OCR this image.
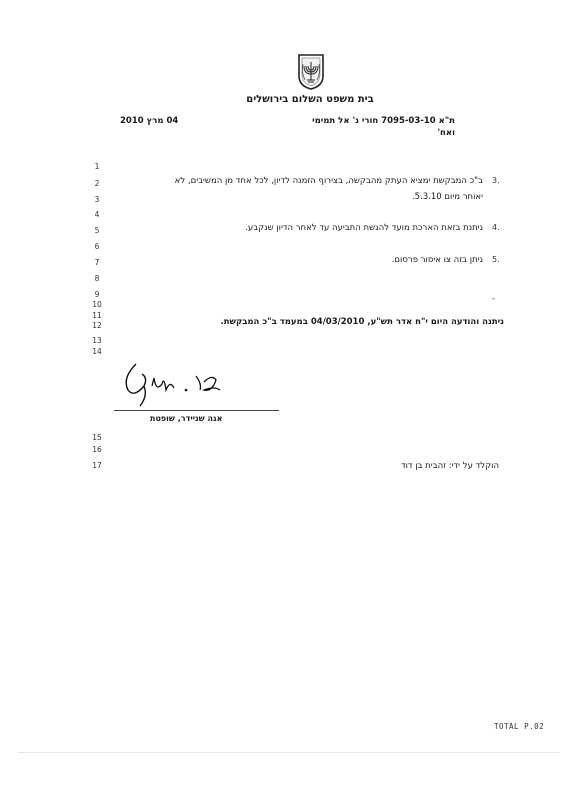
בית משפט השלום בירושלים
ת"א 7095-03-10 חורי נ' אל תמימי
ואח'
04 מרץ 2010
1
2
3
4
5
6
7
8
9
10
11
12
13
14
15
16
17
3.
ב"כ המבקשת ימציא העתק מהבקשה, בצירוף הזמנה לדיון, לכל אחד מן המשיבים, לא
יאוחר מיום 5.3.10.
4.
ניתנת בזאת הארכת מועד להגשת התביעה עד לאחר הדיון שנקבע.
5.
ניתן בזה צו איסור פרסום.
-
ניתנה והודעה היום י"ח אדר תש"ע, 04/03/2010 במעמד ב"כ המבקשת.
אנה שניידר, שופטת
הוקלד על ידי: זהבית בן דוד
TOTAL P.02
